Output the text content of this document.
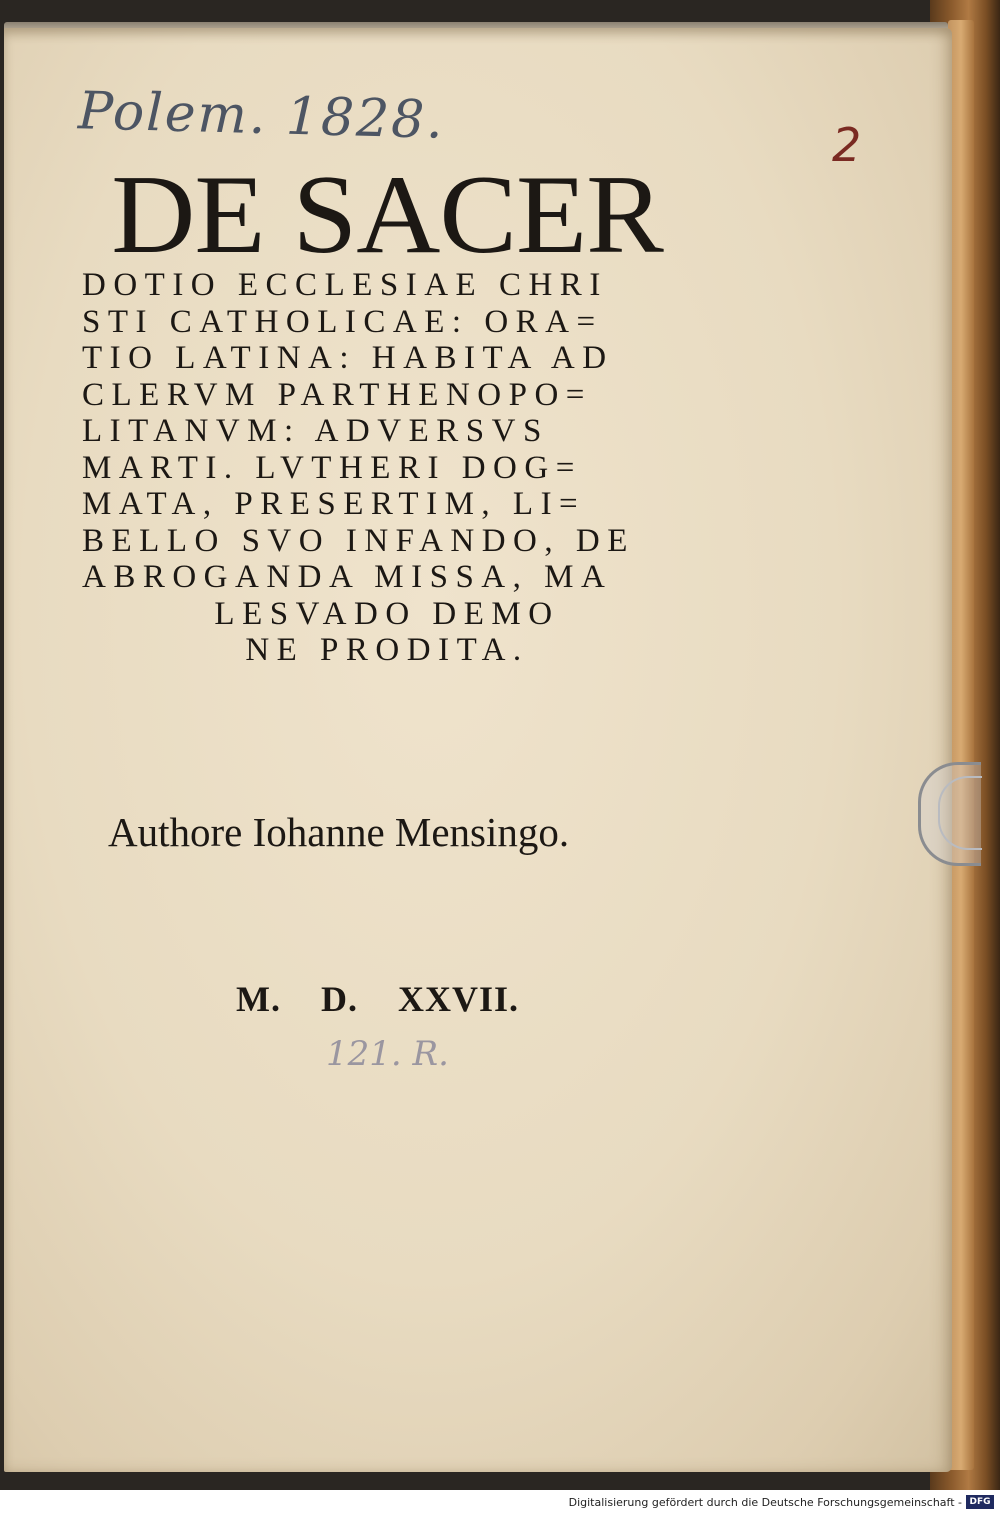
Polem. 1828.	2
DE SACER
DOTIO ECCLESIAE CHRI
STI CATHOLICAE: ORA=
TIO LATINA: HABITA AD
CLERVM PARTHENOPO=
LITANVM: ADVERSVS
MARTI. LVTHERI DOG=
MATA, PRESERTIM, LI=
BELLO SVO INFANDO, DE
ABROGANDA MISSA, MA
LESVADO DEMO
NE PRODITA.
Authore Iohanne Mensingo.
M. D. XXVII.
121. R.
Digitalisierung gefördert durch die Deutsche Forschungsgemeinschaft - DFG
